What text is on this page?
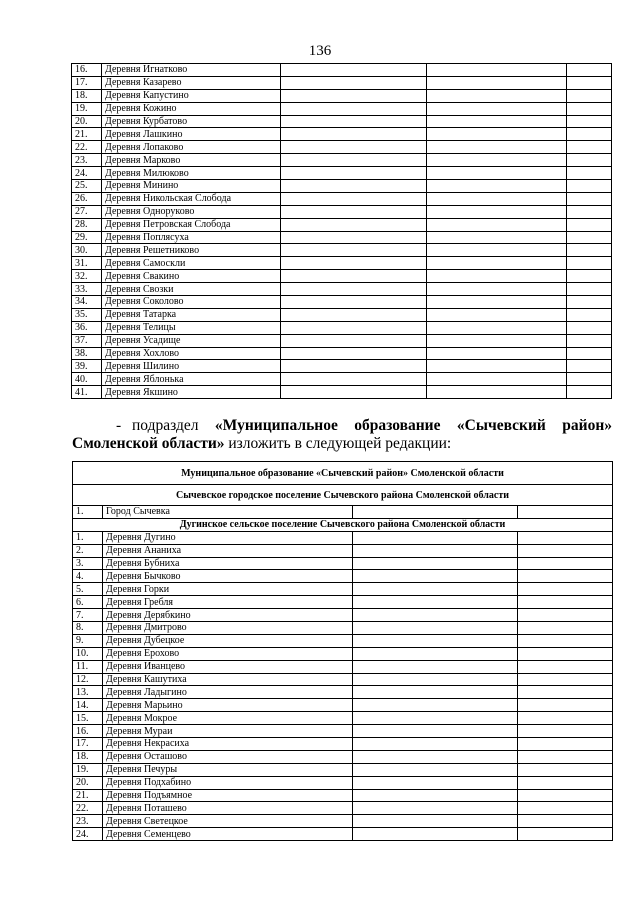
136
16.	Деревня Игнатково			
17.	Деревня Казарево			
18.	Деревня Капустино			
19.	Деревня Кожино			
20.	Деревня Курбатово			
21.	Деревня Лашкино			
22.	Деревня Лопаково			
23.	Деревня Марково			
24.	Деревня Милюково			
25.	Деревня Минино			
26.	Деревня Никольская Слобода			
27.	Деревня Одноруково			
28.	Деревня Петровская Слобода			
29.	Деревня Поплясуха			
30.	Деревня Решетниково			
31.	Деревня Самоскли			
32.	Деревня Свакино			
33.	Деревня Свозки			
34.	Деревня Соколово			
35.	Деревня Татарка			
36.	Деревня Телицы			
37.	Деревня Усадище			
38.	Деревня Хохлово			
39.	Деревня Шилино			
40.	Деревня Яблонька			
41.	Деревня Якшино			
- подраздел «Муниципальное образование «Сычевский район»
Смоленской области» изложить в следующей редакции:
Муниципальное образование «Сычевский район» Смоленской области			
Сычевское городское поселение Сычевского района Смоленской области			
1.	Город Сычевка		
Дугинское сельское поселение Сычевского района Смоленской области			
1.	Деревня Дугино		
2.	Деревня Ананиха		
3.	Деревня Бубниха		
4.	Деревня Бычково		
5.	Деревня Горки		
6.	Деревня Гребля		
7.	Деревня Дерябкино		
8.	Деревня Дмитрово		
9.	Деревня Дубецкое		
10.	Деревня Ерохово		
11.	Деревня Иванцево		
12.	Деревня Кашутиха		
13.	Деревня Ладыгино		
14.	Деревня Марьино		
15.	Деревня Мокрое		
16.	Деревня Мураи		
17.	Деревня Некрасиха		
18.	Деревня Осташово		
19.	Деревня Печуры		
20.	Деревня Подхабино		
21.	Деревня Подъямное		
22.	Деревня Поташево		
23.	Деревня Светецкое		
24.	Деревня Семенцево		
